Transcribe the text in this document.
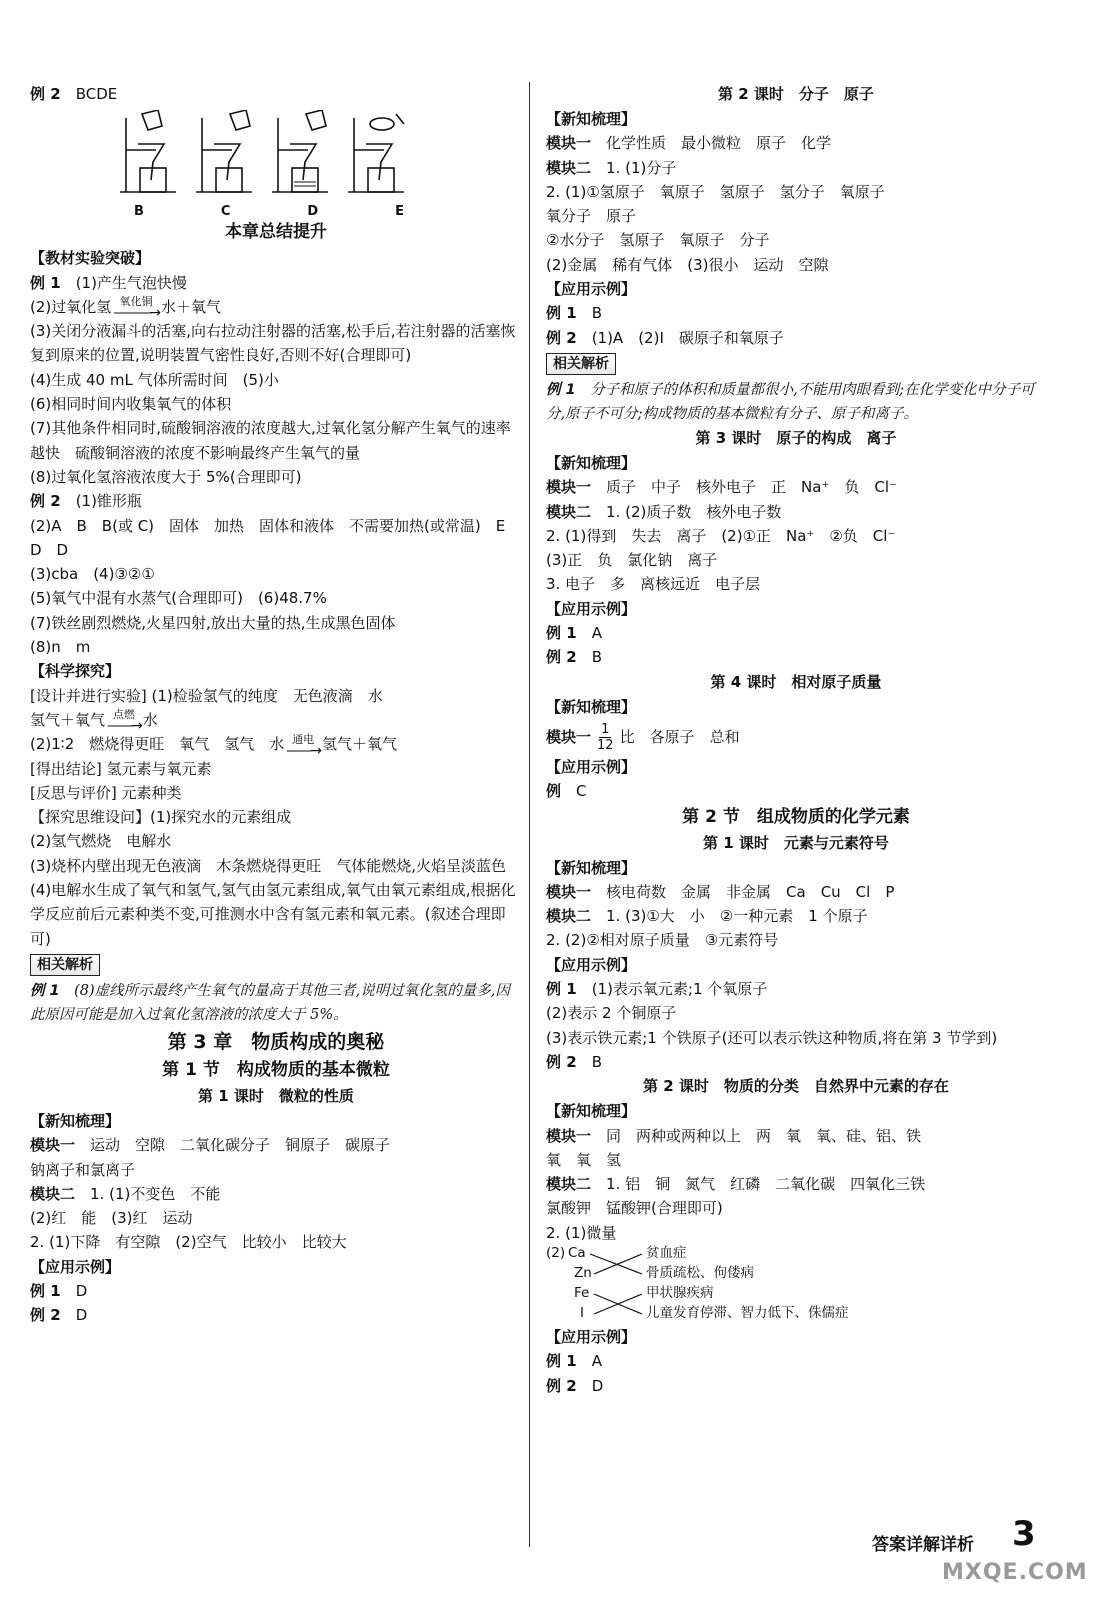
例 2　 BCDE
B	C	D	E
本章总结提升
【教材实验突破】
例 1　 (1)产生气泡快慢
(2)过氧化氢 氧化铜
———→ 水＋氧气
(3)关闭分液漏斗的活塞,向右拉动注射器的活塞,松手后,若注射器的活塞恢复到原来的位置,说明装置气密性良好,否则不好(合理即可)
(4)生成 40 mL 气体所需时间　(5)小
(6)相同时间内收集氧气的体积
(7)其他条件相同时,硫酸铜溶液的浓度越大,过氧化氢分解产生氧气的速率越快　硫酸铜溶液的浓度不影响最终产生氧气的量
(8)过氧化氢溶液浓度大于 5%(合理即可)
例 2　 (1)锥形瓶
(2)A　B　B(或 C)　固体　加热　固体和液体　不需要加热(或常温)　E　D　D
(3)cba　(4)③②①
(5)氧气中混有水蒸气(合理即可)　(6)48.7%
(7)铁丝剧烈燃烧,火星四射,放出大量的热,生成黑色固体
(8)n　m
【科学探究】
[设计并进行实验] (1)检验氢气的纯度　无色液滴　水
氢气＋氧气 点燃
——→ 水
(2)1∶2　燃烧得更旺　氧气　氢气　水 通电
——→ 氢气＋氧气
[得出结论] 氢元素与氧元素
[反思与评价] 元素种类
【探究思维设问】(1)探究水的元素组成
(2)氢气燃烧　电解水
(3)烧杯内壁出现无色液滴　木条燃烧得更旺　气体能燃烧,火焰呈淡蓝色
(4)电解水生成了氧气和氢气,氢气由氢元素组成,氧气由氧元素组成,根据化学反应前后元素种类不变,可推测水中含有氢元素和氧元素。(叙述合理即可)
相关解析
例 1　 (8)虚线所示最终产生氧气的量高于其他三者,说明过氧化氢的量多,因此原因可能是加入过氧化氢溶液的浓度大于 5%。
第 3 章　物质构成的奥秘
第 1 节　构成物质的基本微粒
第 1 课时　微粒的性质
【新知梳理】
模块一　 运动　空隙　二氧化碳分子　铜原子　碳原子
钠离子和氯离子
模块二　 1. (1)不变色　不能
(2)红　能　(3)红　运动
2. (1)下降　有空隙　(2)空气　比较小　比较大
【应用示例】
例 1　 D
例 2　 D
第 2 课时　分子　原子
【新知梳理】
模块一　 化学性质　最小微粒　原子　化学
模块二　 1. (1)分子
2. (1)①氢原子　氧原子　氢原子　氢分子　氧原子
氧分子　原子
②水分子　氢原子　氧原子　分子
(2)金属　稀有气体　(3)很小　运动　空隙
【应用示例】
例 1　 B
例 2　 (1)A　(2)Ⅰ　碳原子和氧原子
相关解析
例 1　 分子和原子的体积和质量都很小,不能用肉眼看到;在化学变化中分子可分,原子不可分;构成物质的基本微粒有分子、原子和离子。
第 3 课时　原子的构成　离子
【新知梳理】
模块一　 质子　中子　核外电子　正　Na⁺　负　Cl⁻
模块二　 1. (2)质子数　核外电子数
2. (1)得到　失去　离子　(2)①正　Na⁺　②负　Cl⁻
(3)正　负　氯化钠　离子
3. 电子　多　离核远近　电子层
【应用示例】
例 1　 A
例 2　 B
第 4 课时　相对原子质量
【新知梳理】
模块一 $\frac{1}{12}$ 比　各原子　总和
【应用示例】
例　 C
第 2 节　组成物质的化学元素
第 1 课时　元素与元素符号
【新知梳理】
模块一　 核电荷数　金属　非金属　Ca　Cu　Cl　P
模块二　 1. (3)①大　小　②一种元素　1 个原子
2. (2)②相对原子质量　③元素符号
【应用示例】
例 1　 (1)表示氧元素;1 个氧原子
(2)表示 2 个铜原子
(3)表示铁元素;1 个铁原子(还可以表示铁这种物质,将在第 3 节学到)
例 2　 B
第 2 课时　物质的分类　自然界中元素的存在
【新知梳理】
模块一　 同　两种或两种以上　两　氧　氧、硅、铝、铁
氧　氧　氢
模块二　 1. 铝　铜　氮气　红磷　二氧化碳　四氧化三铁
氯酸钾　锰酸钾(合理即可)
2. (1)微量
(2) Ca
Zn
Fe
I
贫血症
骨质疏松、佝偻病
甲状腺疾病
儿童发育停滞、智力低下、侏儒症
【应用示例】
例 1　 A
例 2　 D
答案详解详析 3
MXQE.COM
